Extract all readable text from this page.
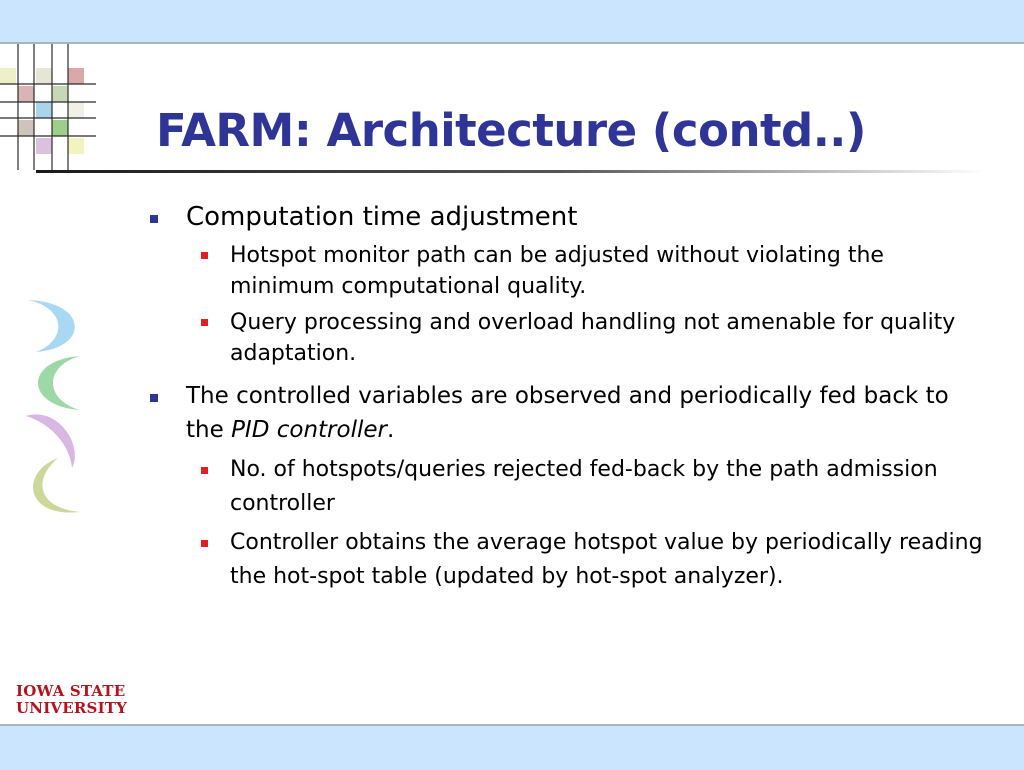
FARM: Architecture (contd..)
Computation time adjustment
Hotspot monitor path can be adjusted without violating the minimum computational quality.
Query processing and overload handling not amenable for quality adaptation.
The controlled variables are observed and periodically fed back to the PID controller.
No. of hotspots/queries rejected fed-back by the path admission controller
Controller obtains the average hotspot value by periodically reading the hot-spot table (updated by hot-spot analyzer).
IOWA STATE
UNIVERSITY
